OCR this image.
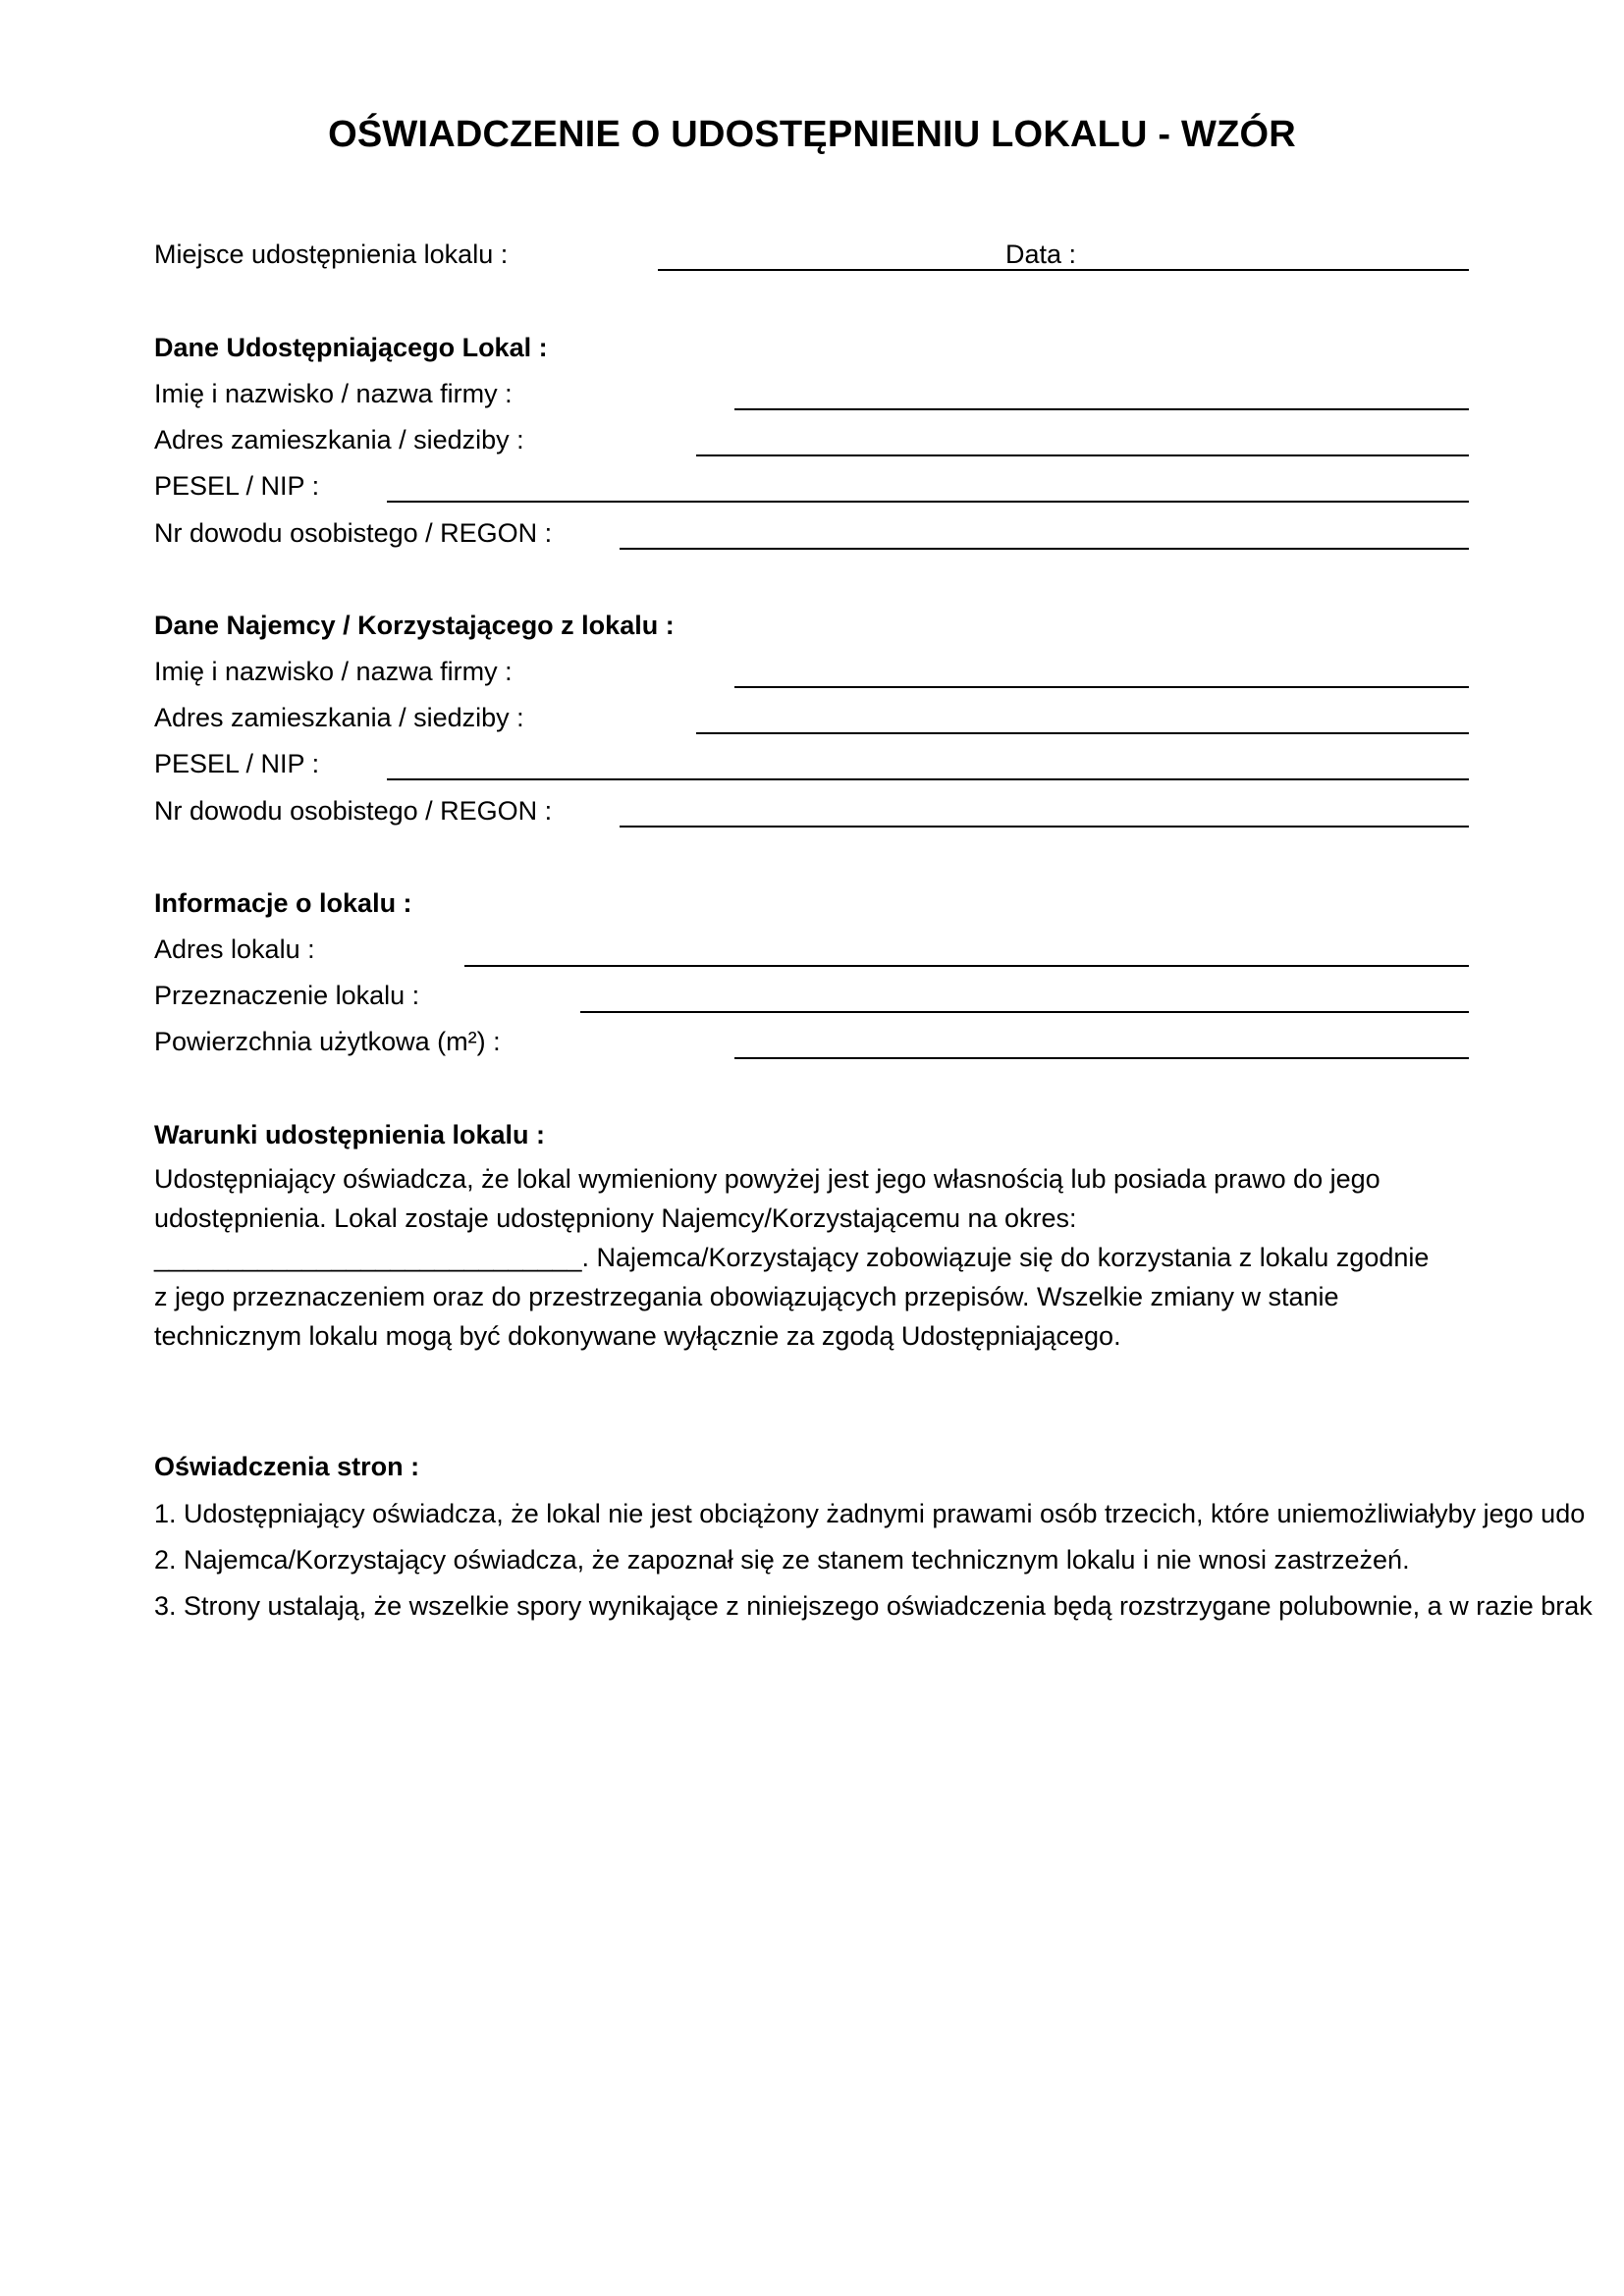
OŚWIADCZENIE O UDOSTĘPNIENIU LOKALU - WZÓR
Miejsce udostępnienia lokalu :	Data :
Dane Udostępniającego Lokal :
Imię i nazwisko / nazwa firmy :
Adres zamieszkania / siedziby :
PESEL / NIP :
Nr dowodu osobistego / REGON :
Dane Najemcy / Korzystającego z lokalu :
Imię i nazwisko / nazwa firmy :
Adres zamieszkania / siedziby :
PESEL / NIP :
Nr dowodu osobistego / REGON :
Informacje o lokalu :
Adres lokalu :
Przeznaczenie lokalu :
Powierzchnia użytkowa (m²) :
Warunki udostępnienia lokalu :
Udostępniający oświadcza, że lokal wymieniony powyżej jest jego własnością lub posiada prawo do jego
udostępnienia. Lokal zostaje udostępniony Najemcy/Korzystającemu na okres:
_____________________________. Najemca/Korzystający zobowiązuje się do korzystania z lokalu zgodnie
z jego przeznaczeniem oraz do przestrzegania obowiązujących przepisów. Wszelkie zmiany w stanie
technicznym lokalu mogą być dokonywane wyłącznie za zgodą Udostępniającego.
Oświadczenia stron :
1. Udostępniający oświadcza, że lokal nie jest obciążony żadnymi prawami osób trzecich, które uniemożliwiałyby jego udo
2. Najemca/Korzystający oświadcza, że zapoznał się ze stanem technicznym lokalu i nie wnosi zastrzeżeń.
3. Strony ustalają, że wszelkie spory wynikające z niniejszego oświadczenia będą rozstrzygane polubownie, a w razie brak
